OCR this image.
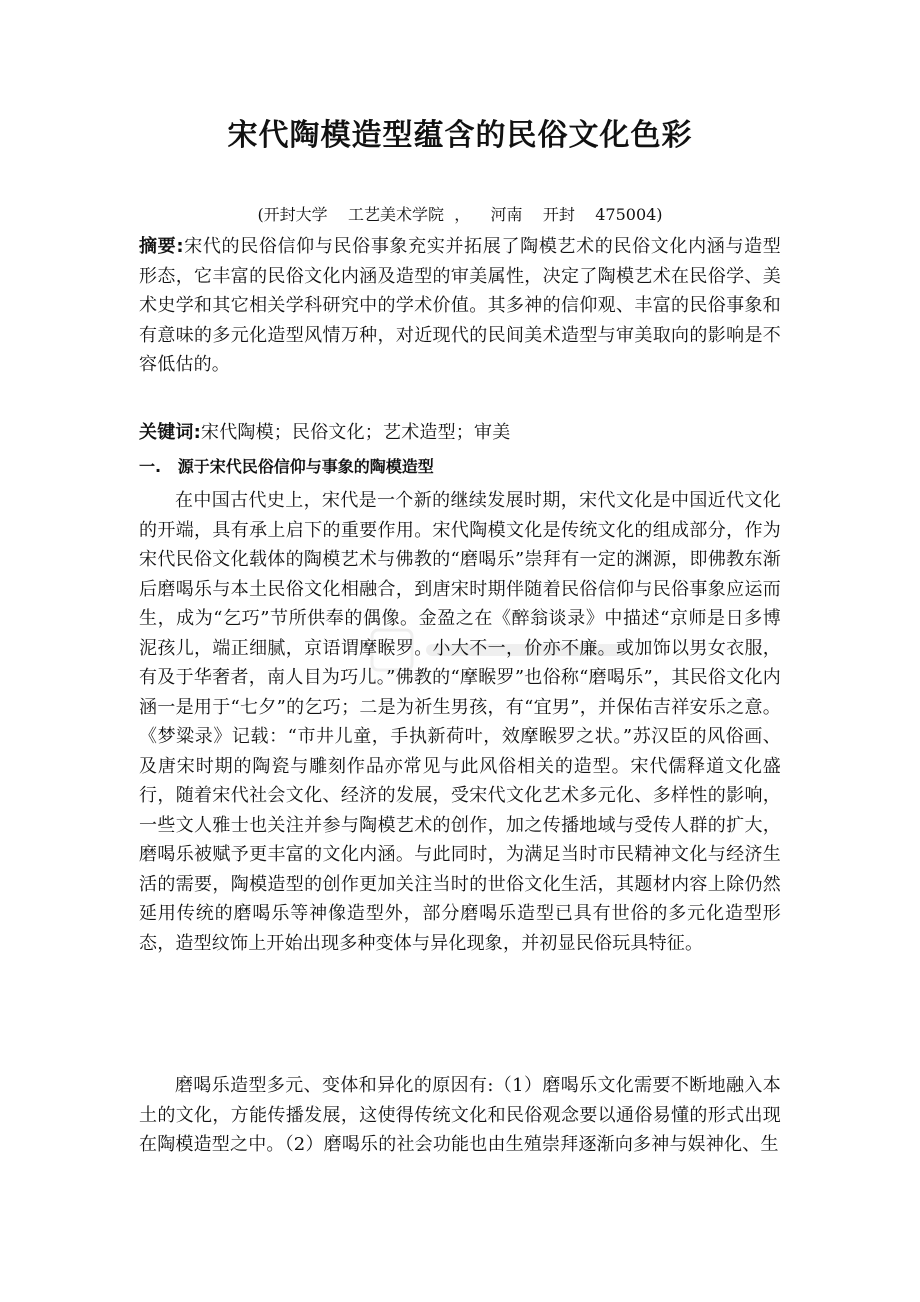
宋代陶模造型蕴含的民俗文化色彩
(开封大学    工艺美术学院  ，    河南    开封    475004)
摘要:宋代的民俗信仰与民俗事象充实并拓展了陶模艺术的民俗文化内涵与造型形态，它丰富的民俗文化内涵及造型的审美属性，决定了陶模艺术在民俗学、美术史学和其它相关学科研究中的学术价值。其多神的信仰观、丰富的民俗事象和有意味的多元化造型风情万种，对近现代的民间美术造型与审美取向的影响是不容低估的。
关键词:宋代陶模；民俗文化；艺术造型；审美
一.   源于宋代民俗信仰与事象的陶模造型
在中国古代史上，宋代是一个新的继续发展时期，宋代文化是中国近代文化的开端，具有承上启下的重要作用。宋代陶模文化是传统文化的组成部分，作为宋代民俗文化载体的陶模艺术与佛教的“磨喝乐”崇拜有一定的渊源，即佛教东渐后磨喝乐与本土民俗文化相融合，到唐宋时期伴随着民俗信仰与民俗事象应运而生，成为“乞巧”节所供奉的偶像。金盈之在《醉翁谈录》中描述“京师是日多博泥孩儿，端正细腻，京语谓摩睺罗。小大不一，价亦不廉。或加饰以男女衣服，有及于华奢者，南人目为巧儿。”佛教的“摩睺罗”也俗称“磨喝乐”，其民俗文化内涵一是用于“七夕”的乞巧；二是为祈生男孩，有“宜男”，并保佑吉祥安乐之意。《梦粱录》记载：“市井儿童，手执新荷叶，效摩睺罗之状。”苏汉臣的风俗画、及唐宋时期的陶瓷与雕刻作品亦常见与此风俗相关的造型。宋代儒释道文化盛行，随着宋代社会文化、经济的发展，受宋代文化艺术多元化、多样性的影响，一些文人雅士也关注并参与陶模艺术的创作，加之传播地域与受传人群的扩大，磨喝乐被赋予更丰富的文化内涵。与此同时，为满足当时市民精神文化与经济生活的需要，陶模造型的创作更加关注当时的世俗文化生活，其题材内容上除仍然延用传统的磨喝乐等神像造型外，部分磨喝乐造型已具有世俗的多元化造型形态，造型纹饰上开始出现多种变体与异化现象，并初显民俗玩具特征。
磨喝乐造型多元、变体和异化的原因有:（1）磨喝乐文化需要不断地融入本土的文化，方能传播发展，这使得传统文化和民俗观念要以通俗易懂的形式出现在陶模造型之中。（2）磨喝乐的社会功能也由生殖崇拜逐渐向多神与娱神化、生
